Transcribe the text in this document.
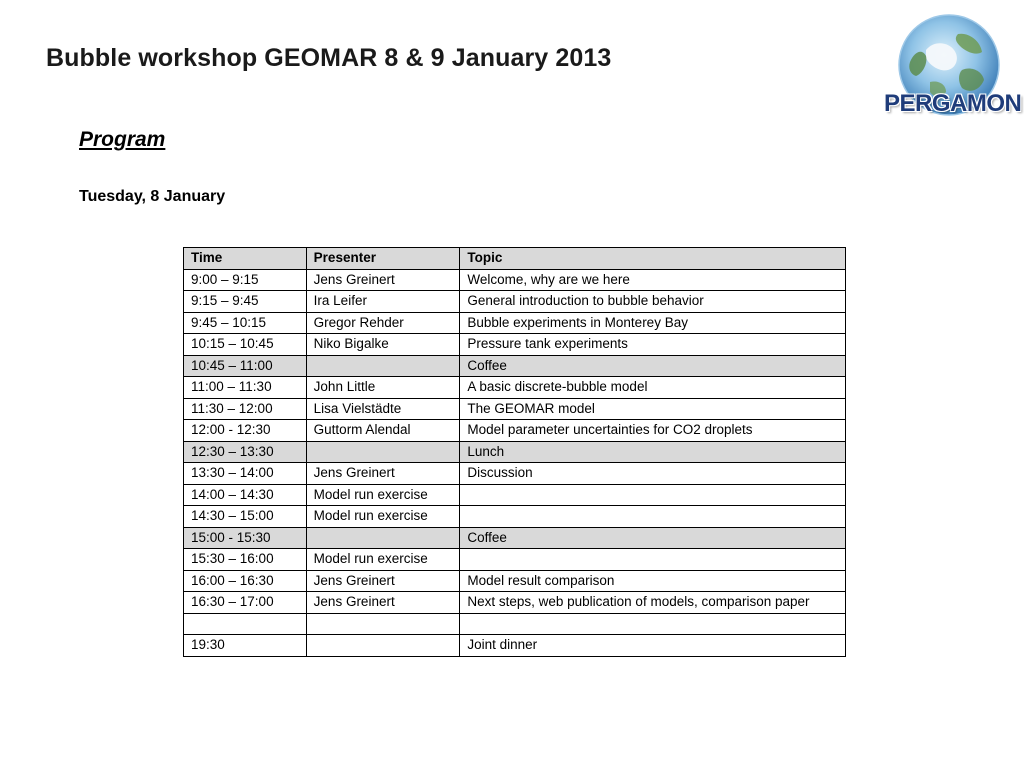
Bubble workshop GEOMAR 8 & 9 January 2013
PERGAMON
Program
Tuesday, 8 January
Time	Presenter	Topic
9:00 – 9:15	Jens Greinert	Welcome, why are we here
9:15 – 9:45	Ira Leifer	General introduction to bubble behavior
9:45 – 10:15	Gregor Rehder	Bubble experiments in Monterey Bay
10:15 – 10:45	Niko Bigalke	Pressure tank experiments
10:45 – 11:00		Coffee
11:00 – 11:30	John Little	A basic discrete-bubble model
11:30 – 12:00	Lisa Vielstädte	The GEOMAR model
12:00 - 12:30	Guttorm Alendal	Model parameter uncertainties for CO2 droplets
12:30 – 13:30		Lunch
13:30 – 14:00	Jens Greinert	Discussion
14:00 – 14:30	Model run exercise	
14:30 – 15:00	Model run exercise	
15:00 - 15:30		Coffee
15:30 – 16:00	Model run exercise	
16:00 – 16:30	Jens Greinert	Model result comparison
16:30 – 17:00	Jens Greinert	Next steps, web publication of models, comparison paper

19:30		Joint dinner
